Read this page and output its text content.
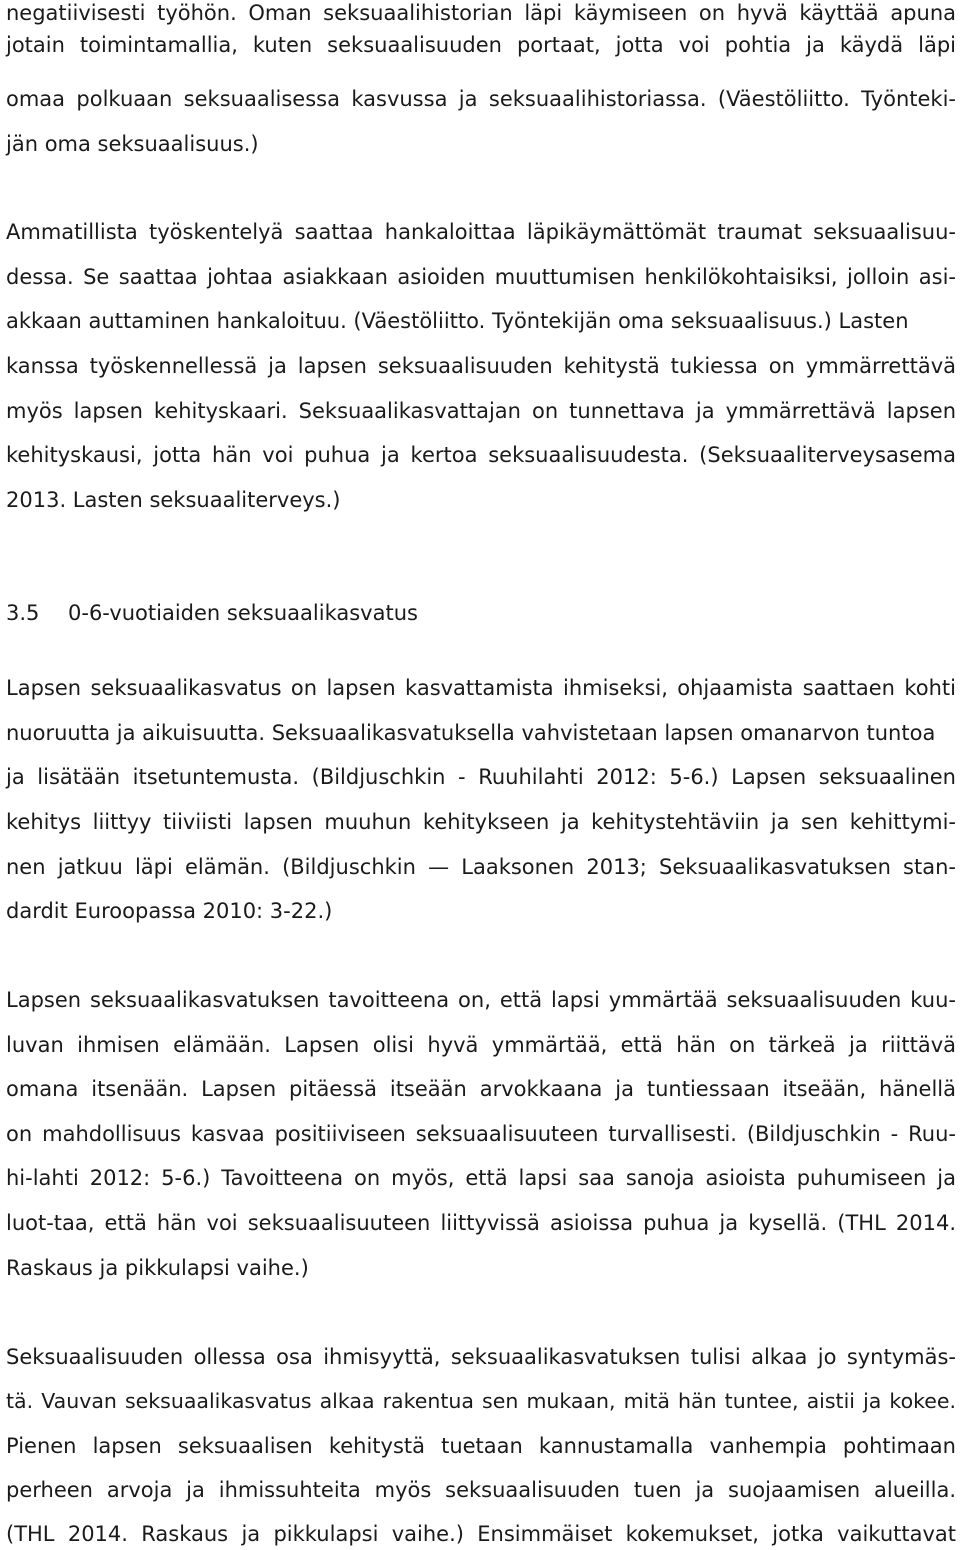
negatiivisesti työhön. Oman seksuaalihistorian läpi käymiseen on hyvä käyttää apuna
jotain toimintamallia, kuten seksuaalisuuden portaat, jotta voi pohtia ja käydä läpi
omaa polkuaan seksuaalisessa kasvussa ja seksuaalihistoriassa. (Väestöliitto. Työnteki-
jän oma seksuaalisuus.)
Ammatillista työskentelyä saattaa hankaloittaa läpikäymättömät traumat seksuaalisuu-
dessa. Se saattaa johtaa asiakkaan asioiden muuttumisen henkilökohtaisiksi, jolloin asi-
akkaan auttaminen hankaloituu. (Väestöliitto. Työntekijän oma seksuaalisuus.) Lasten
kanssa työskennellessä ja lapsen seksuaalisuuden kehitystä tukiessa on ymmärrettävä
myös lapsen kehityskaari. Seksuaalikasvattajan on tunnettava ja ymmärrettävä lapsen
kehityskausi, jotta hän voi puhua ja kertoa seksuaalisuudesta. (Seksuaaliterveysasema
2013. Lasten seksuaaliterveys.)
3.5 0-6-vuotiaiden seksuaalikasvatus
Lapsen seksuaalikasvatus on lapsen kasvattamista ihmiseksi, ohjaamista saattaen kohti
nuoruutta ja aikuisuutta. Seksuaalikasvatuksella vahvistetaan lapsen omanarvon tuntoa
ja lisätään itsetuntemusta. (Bildjuschkin - Ruuhilahti 2012: 5-6.) Lapsen seksuaalinen
kehitys liittyy tiiviisti lapsen muuhun kehitykseen ja kehitystehtäviin ja sen kehittymi-
nen jatkuu läpi elämän. (Bildjuschkin — Laaksonen 2013; Seksuaalikasvatuksen stan-
dardit Euroopassa 2010: 3-22.)
Lapsen seksuaalikasvatuksen tavoitteena on, että lapsi ymmärtää seksuaalisuuden kuu-
luvan ihmisen elämään. Lapsen olisi hyvä ymmärtää, että hän on tärkeä ja riittävä
omana itsenään. Lapsen pitäessä itseään arvokkaana ja tuntiessaan itseään, hänellä
on mahdollisuus kasvaa positiiviseen seksuaalisuuteen turvallisesti. (Bildjuschkin - Ruu-
hi-lahti 2012: 5-6.) Tavoitteena on myös, että lapsi saa sanoja asioista puhumiseen ja
luot-taa, että hän voi seksuaalisuuteen liittyvissä asioissa puhua ja kysellä. (THL 2014.
Raskaus ja pikkulapsi vaihe.)
Seksuaalisuuden ollessa osa ihmisyyttä, seksuaalikasvatuksen tulisi alkaa jo syntymäs-
tä. Vauvan seksuaalikasvatus alkaa rakentua sen mukaan, mitä hän tuntee, aistii ja kokee.
Pienen lapsen seksuaalisen kehitystä tuetaan kannustamalla vanhempia pohtimaan
perheen arvoja ja ihmissuhteita myös seksuaalisuuden tuen ja suojaamisen alueilla.
(THL 2014. Raskaus ja pikkulapsi vaihe.) Ensimmäiset kokemukset, jotka vaikuttavat
